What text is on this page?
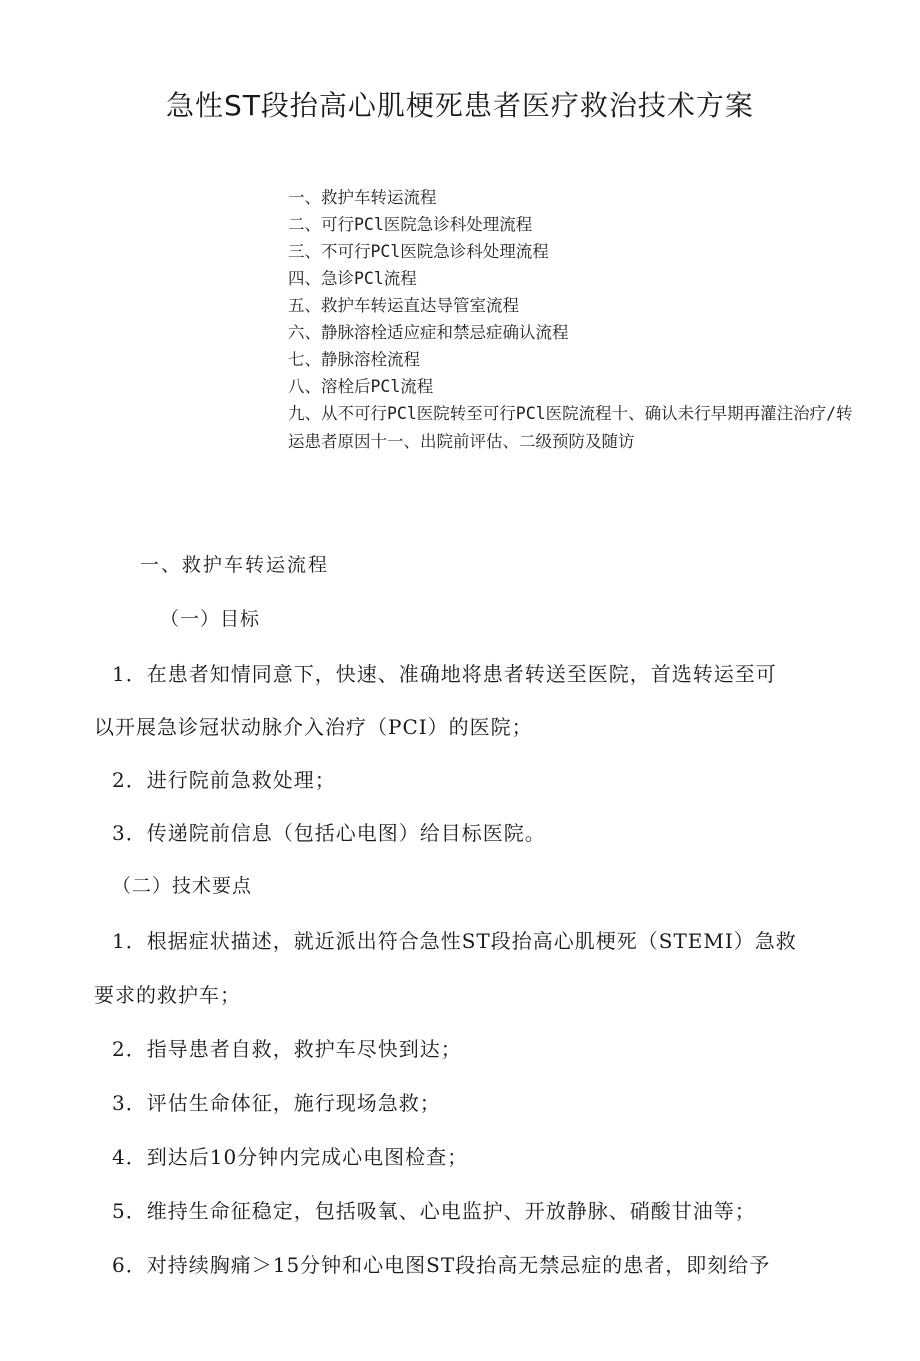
急性ST段抬高心肌梗死患者医疗救治技术方案
一、救护车转运流程
二、可行PCl医院急诊科处理流程
三、不可行PCl医院急诊科处理流程
四、急诊PCl流程
五、救护车转运直达导管室流程
六、静脉溶栓适应症和禁忌症确认流程
七、静脉溶栓流程
八、溶栓后PCl流程
九、从不可行PCl医院转至可行PCl医院流程十、确认未行早期再灌注治疗/转运患者原因十一、出院前评估、二级预防及随访
一、救护车转运流程
（一）目标
1．在患者知情同意下，快速、准确地将患者转送至医院，首选转运至可
以开展急诊冠状动脉介入治疗（PCI）的医院；
2．进行院前急救处理；
3．传递院前信息（包括心电图）给目标医院。
（二）技术要点
1．根据症状描述，就近派出符合急性ST段抬高心肌梗死（STEMI）急救
要求的救护车；
2．指导患者自救，救护车尽快到达；
3．评估生命体征，施行现场急救；
4．到达后10分钟内完成心电图检查；
5．维持生命征稳定，包括吸氧、心电监护、开放静脉、硝酸甘油等；
6．对持续胸痛＞15分钟和心电图ST段抬高无禁忌症的患者，即刻给予
